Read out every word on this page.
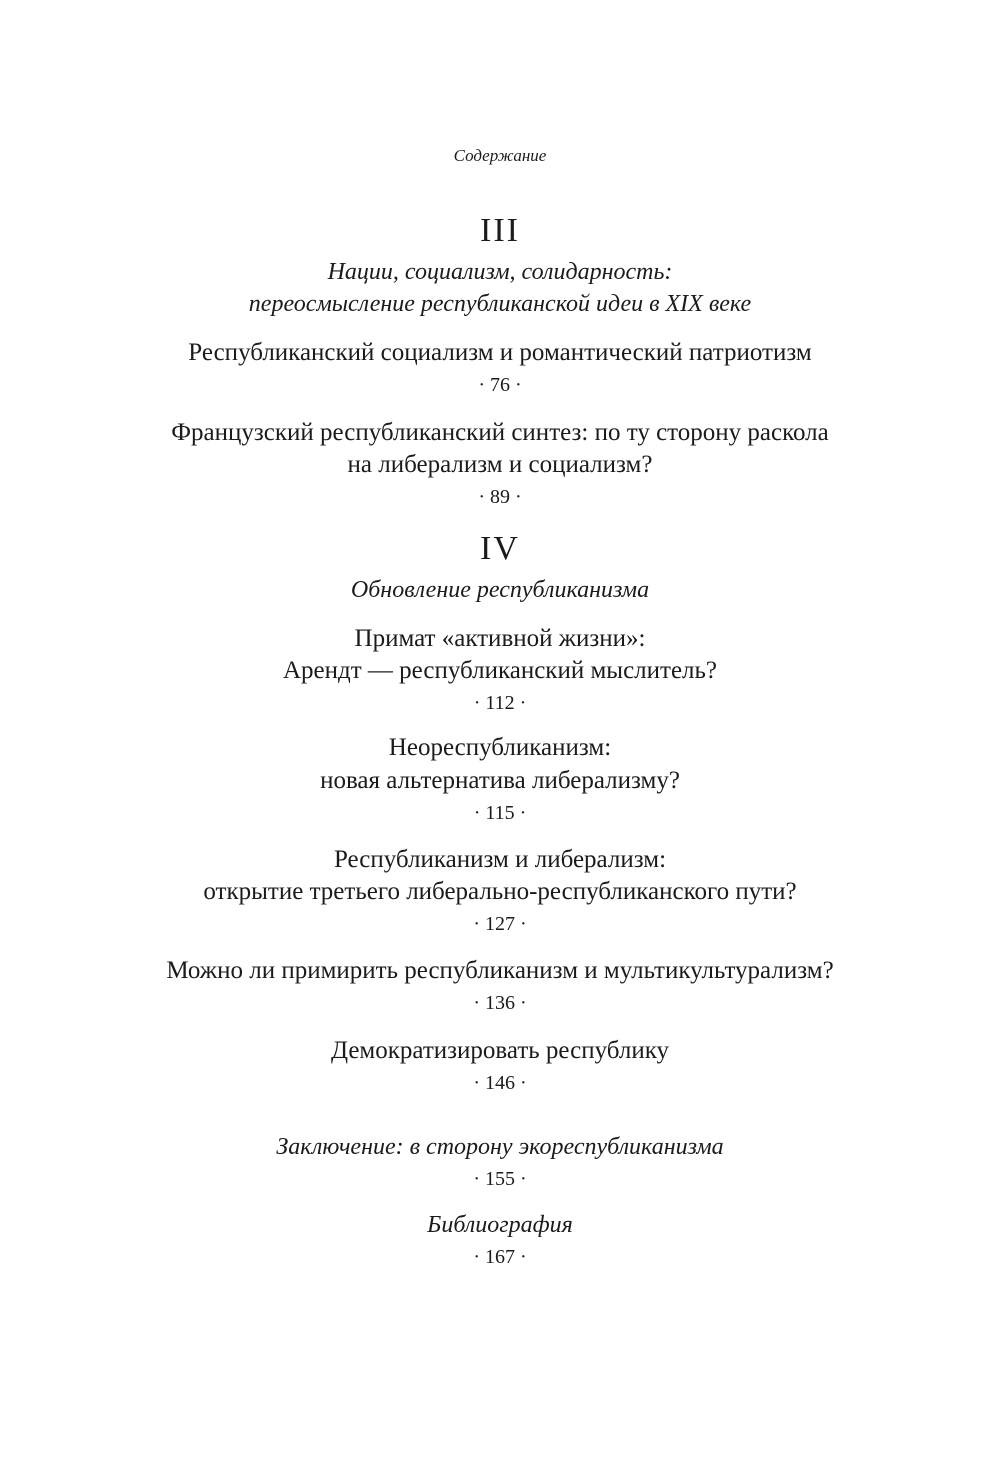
Содержание
III
Нации, социализм, солидарность:
переосмысление республиканской идеи в XIX веке
Республиканский социализм и романтический патриотизм
· 76 ·
Французский республиканский синтез: по ту сторону раскола
на либерализм и социализм?
· 89 ·
IV
Обновление республиканизма
Примат «активной жизни»:
Арендт — республиканский мыслитель?
· 112 ·
Неореспубликанизм:
новая альтернатива либерализму?
· 115 ·
Республиканизм и либерализм:
открытие третьего либерально-республиканского пути?
· 127 ·
Можно ли примирить республиканизм и мультикультурализм?
· 136 ·
Демократизировать республику
· 146 ·
Заключение: в сторону экореспубликанизма
· 155 ·
Библиография
· 167 ·
